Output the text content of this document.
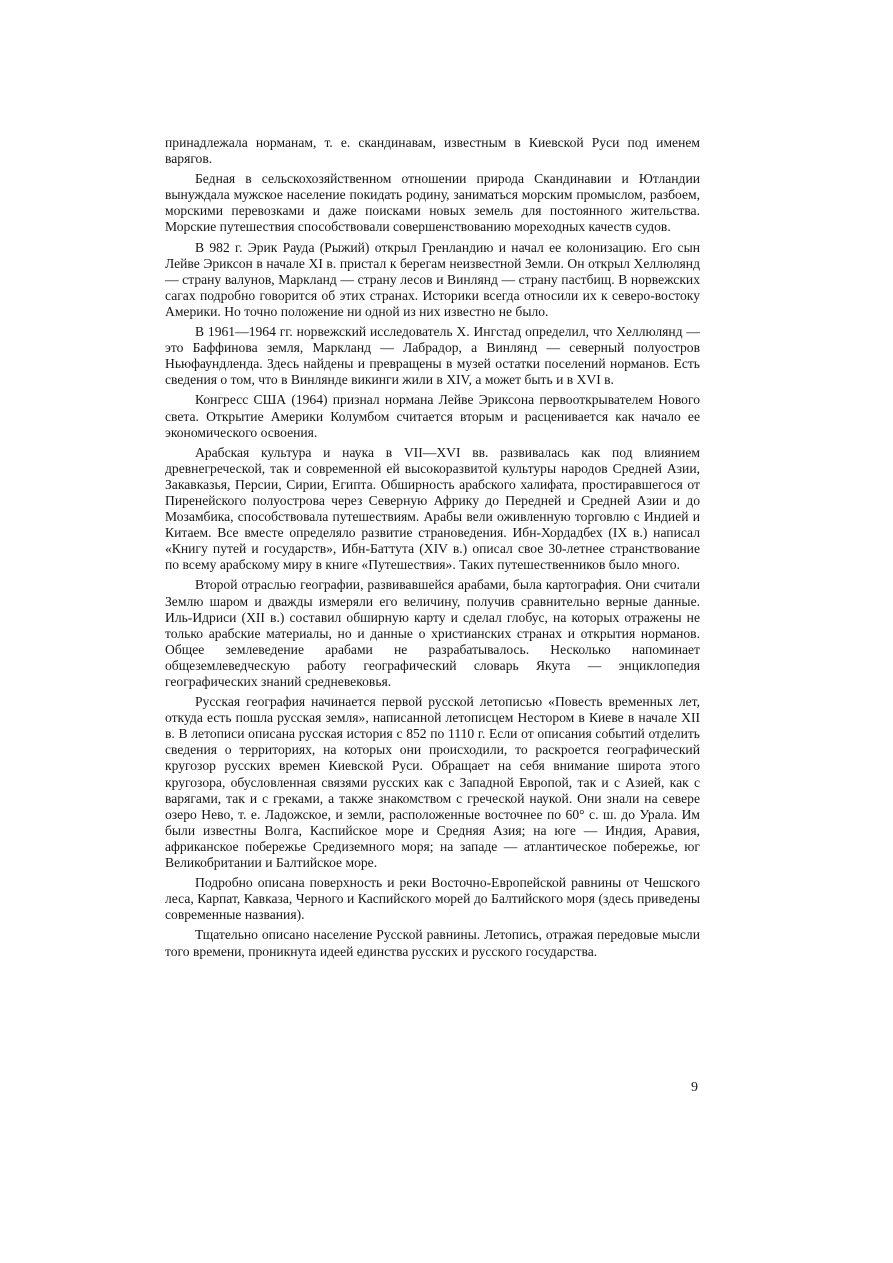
принадлежала норманам, т. е. скандинавам, известным в Киевской Руси под именем варягов.

Бедная в сельскохозяйственном отношении природа Скандинавии и Ютландии вынуждала мужское население покидать родину, заниматься морским промыслом, разбоем, морскими перевозками и даже поисками новых земель для постоянного жительства. Морские путешествия способствовали совершенствованию мореходных качеств судов.

В 982 г. Эрик Рауда (Рыжий) открыл Гренландию и начал ее колонизацию. Его сын Лейве Эриксон в начале XI в. пристал к берегам неизвестной Земли. Он открыл Хеллюлянд — страну валунов, Маркланд — страну лесов и Винлянд — страну пастбищ. В норвежских сагах подробно говорится об этих странах. Историки всегда относили их к северо-востоку Америки. Но точно положение ни одной из них известно не было.

В 1961—1964 гг. норвежский исследователь Х. Ингстад определил, что Хеллюлянд — это Баффинова земля, Маркланд — Лабрадор, а Винлянд — северный полуостров Ньюфаундленда. Здесь найдены и превращены в музей остатки поселений норманов. Есть сведения о том, что в Винлянде викинги жили в XIV, а может быть и в XVI в.

Конгресс США (1964) признал нормана Лейве Эриксона первооткрывателем Нового света. Открытие Америки Колумбом считается вторым и расценивается как начало ее экономического освоения.

Арабская культура и наука в VII—XVI вв. развивалась как под влиянием древнегреческой, так и современной ей высокоразвитой культуры народов Средней Азии, Закавказья, Персии, Сирии, Египта. Обширность арабского халифата, простиравшегося от Пиренейского полуострова через Северную Африку до Передней и Средней Азии и до Мозамбика, способствовала путешествиям. Арабы вели оживленную торговлю с Индией и Китаем. Все вместе определяло развитие страноведения. Ибн-Хордадбех (IX в.) написал «Книгу путей и государств», Ибн-Баттута (XIV в.) описал свое 30-летнее странствование по всему арабскому миру в книге «Путешествия». Таких путешественников было много.

Второй отраслью географии, развивавшейся арабами, была картография. Они считали Землю шаром и дважды измеряли его величину, получив сравнительно верные данные. Иль-Идриси (XII в.) составил обширную карту и сделал глобус, на которых отражены не только арабские материалы, но и данные о христианских странах и открытия норманов. Общее землеведение арабами не разрабатывалось. Несколько напоминает общеземлеведческую работу географический словарь Якута — энциклопедия географических знаний средневековья.

Русская география начинается первой русской летописью «Повесть временных лет, откуда есть пошла русская земля», написанной летописцем Нестором в Киеве в начале XII в. В летописи описана русская история с 852 по 1110 г. Если от описания событий отделить сведения о территориях, на которых они происходили, то раскроется географический кругозор русских времен Киевской Руси. Обращает на себя внимание широта этого кругозора, обусловленная связями русских как с Западной Европой, так и с Азией, как с варягами, так и с греками, а также знакомством с греческой наукой. Они знали на севере озеро Нево, т. е. Ладожское, и земли, расположенные восточнее по 60° с. ш. до Урала. Им были известны Волга, Каспийское море и Средняя Азия; на юге — Индия, Аравия, африканское побережье Средиземного моря; на западе — атлантическое побережье, юг Великобритании и Балтийское море.

Подробно описана поверхность и реки Восточно-Европейской равнины от Чешского леса, Карпат, Кавказа, Черного и Каспийского морей до Балтийского моря (здесь приведены современные названия).

Тщательно описано население Русской равнины. Летопись, отражая передовые мысли того времени, проникнута идеей единства русских и русского государства.

9
